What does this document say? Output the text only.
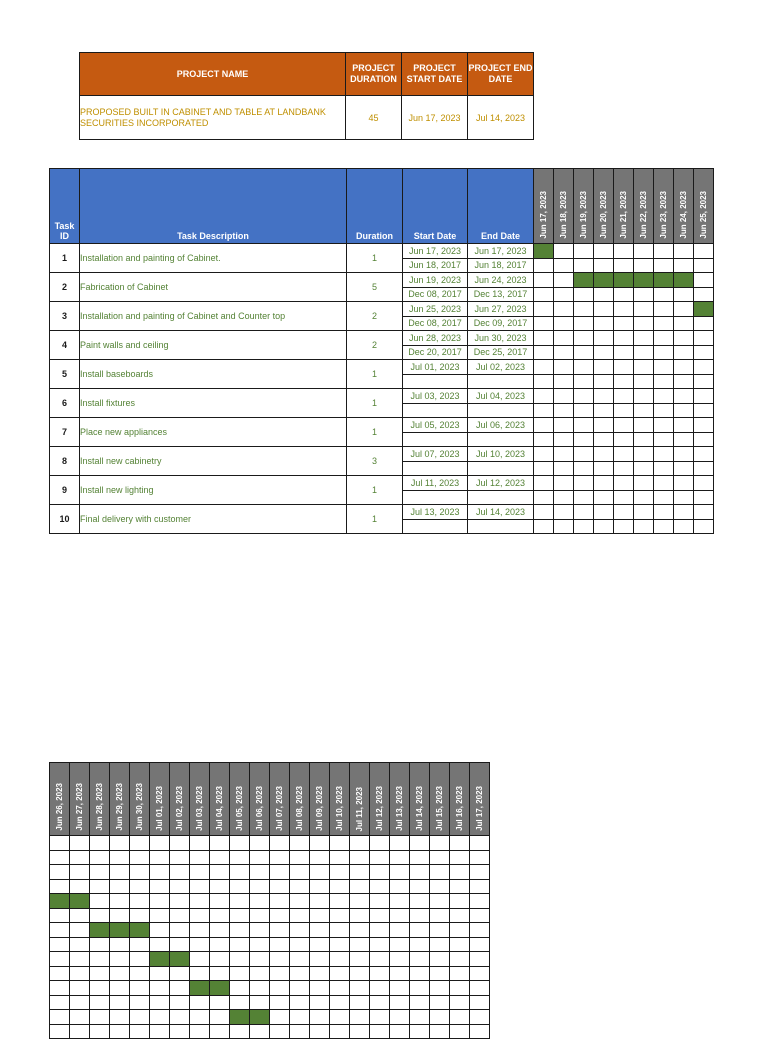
PROJECT NAME	PROJECT DURATION	PROJECT START DATE	PROJECT END DATE
PROPOSED BUILT IN CABINET AND TABLE AT LANDBANK SECURITIES INCORPORATED	45	Jun 17, 2023	Jul 14, 2023
Task ID	Task Description	Duration	Start Date	End Date	Jun 17, 2023	Jun 18, 2023	Jun 19, 2023	Jun 20, 2023	Jun 21, 2023	Jun 22, 2023	Jun 23, 2023	Jun 24, 2023	Jun 25, 2023

1	Installation and painting of Cabinet.	1	Jun 17, 2023	Jun 17, 2023									
			Jun 18, 2017	Jun 18, 2017									
2	Fabrication of Cabinet	5	Jun 19, 2023	Jun 24, 2023									
			Dec 08, 2017	Dec 13, 2017									
3	Installation and painting of Cabinet and Counter top	2	Jun 25, 2023	Jun 27, 2023									
			Dec 08, 2017	Dec 09, 2017									
4	Paint walls and ceiling	2	Jun 28, 2023	Jun 30, 2023									
			Dec 20, 2017	Dec 25, 2017									
5	Install baseboards	1	Jul 01, 2023	Jul 02, 2023									

6	Install fixtures	1	Jul 03, 2023	Jul 04, 2023									

7	Place new appliances	1	Jul 05, 2023	Jul 06, 2023									

8	Install new cabinetry	3	Jul 07, 2023	Jul 10, 2023									

9	Install new lighting	1	Jul 11, 2023	Jul 12, 2023									

10	Final delivery with customer	1	Jul 13, 2023	Jul 14, 2023									

Jun 26, 2023	Jun 27, 2023	Jun 28, 2023	Jun 29, 2023	Jun 30, 2023	Jul 01, 2023	Jul 02, 2023	Jul 03, 2023	Jul 04, 2023	Jul 05, 2023	Jul 06, 2023	Jul 07, 2023	Jul 08, 2023	Jul 09, 2023	Jul 10, 2023	Jul 11, 2023	Jul 12, 2023	Jul 13, 2023	Jul 14, 2023	Jul 15, 2023	Jul 16, 2023	Jul 17, 2023
